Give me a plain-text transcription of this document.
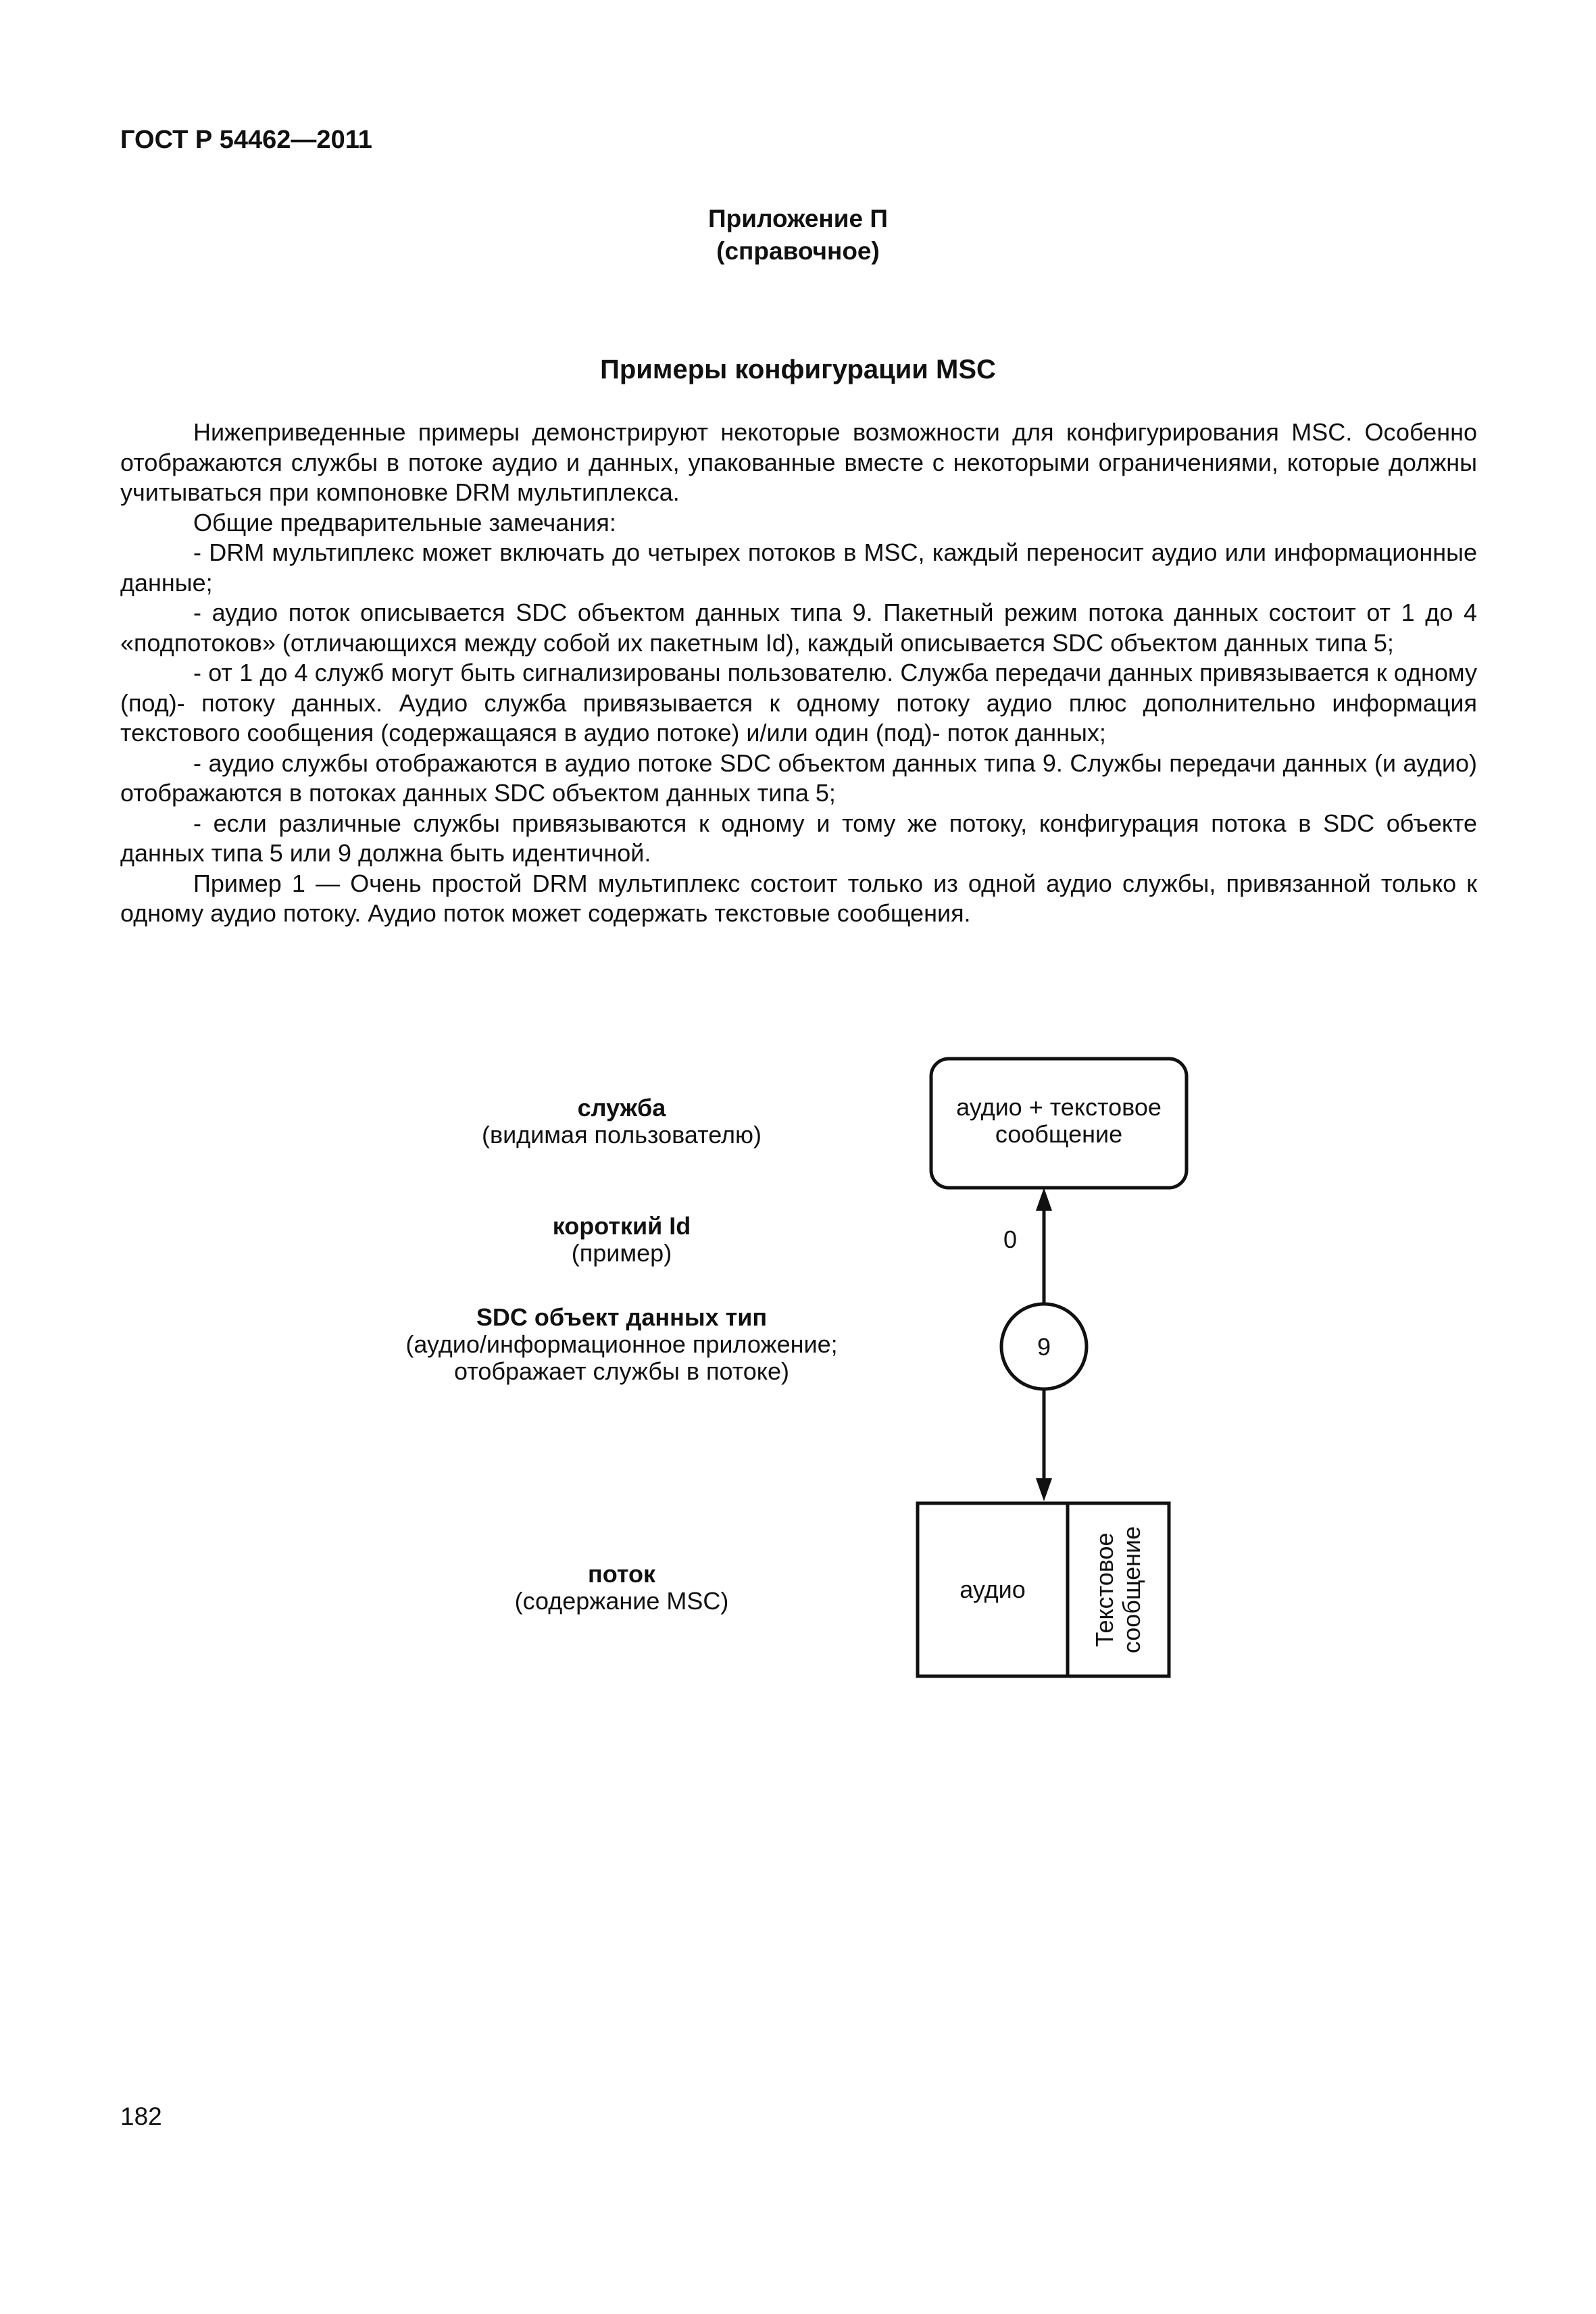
ГОСТ Р 54462—2011
Приложение П
(справочное)
Примеры конфигурации MSC

Нижеприведенные примеры демонстрируют некоторые возможности для конфигурирования MSC. Особенно отображаются службы в потоке аудио и данных, упакованные вместе с некоторыми ограничениями, которые должны учитываться при компоновке DRM мультиплекса.

Общие предварительные замечания:

- DRM мультиплекс может включать до четырех потоков в MSC, каждый переносит аудио или информационные данные;

- аудио поток описывается SDC объектом данных типа 9. Пакетный режим потока данных состоит от 1 до 4 «подпотоков» (отличающихся между собой их пакетным Id), каждый описывается SDC объектом данных типа 5;

- от 1 до 4 служб могут быть сигнализированы пользователю. Служба передачи данных привязывается к одному (под)- потоку данных. Аудио служба привязывается к одному потоку аудио плюс дополнительно информация текстового сообщения (содержащаяся в аудио потоке) и/или один (под)- поток данных;

- аудио службы отображаются в аудио потоке SDC объектом данных типа 9. Службы передачи данных (и аудио) отображаются в потоках данных SDC объектом данных типа 5;

- если различные службы привязываются к одному и тому же потоку, конфигурация потока в SDC объекте данных типа 5 или 9 должна быть идентичной.

Пример 1 — Очень простой DRM мультиплекс состоит только из одной аудио службы, привязанной только к одному аудио потоку. Аудио поток может содержать текстовые сообщения.

служба
(видимая пользователю)
короткий Id
(пример)
SDC объект данных тип
(аудио/информационное приложение;
отображает службы в потоке)
поток
(содержание MSC)
аудио + текстовое
сообщение
0
9
аудио	Текстовое сообщение
182
